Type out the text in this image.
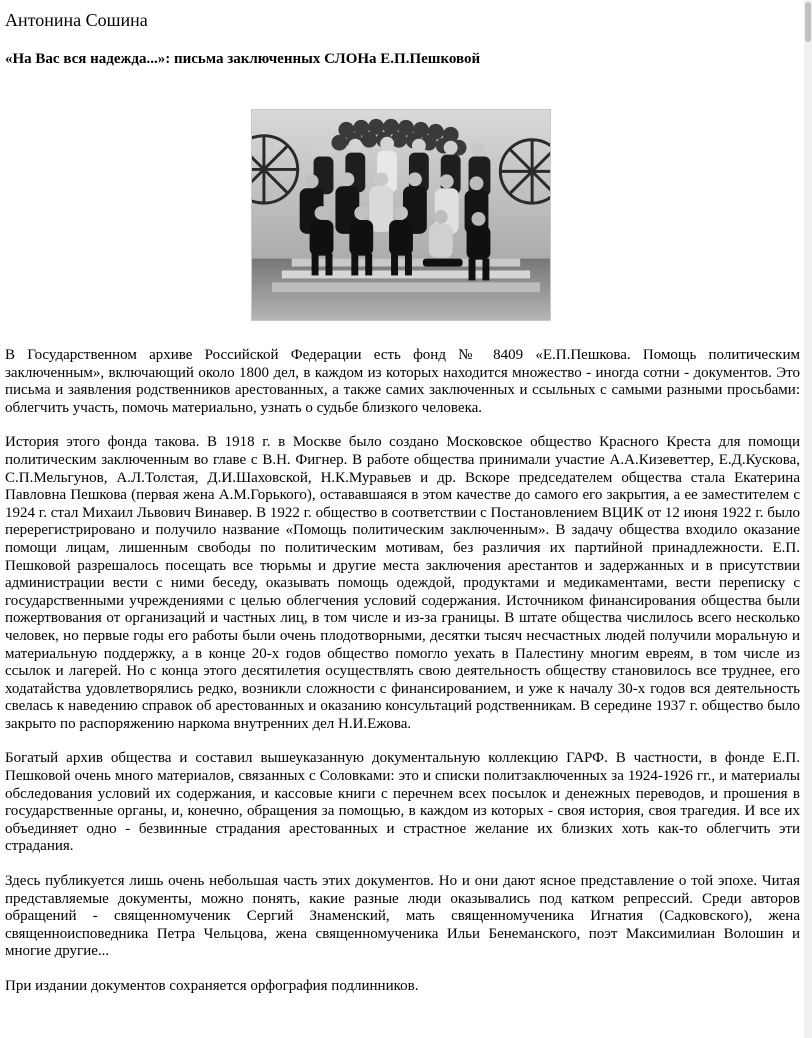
Антонина Сошина

«На Вас вся надежда...»: письма заключенных СЛОНа Е.П.Пешковой

В Государственном архиве Российской Федерации есть фонд № 8409 «Е.П.Пешкова. Помощь политическим заключенным», включающий около 1800 дел, в каждом из которых находится множество - иногда сотни - документов. Это письма и заявления родственников арестованных, а также самих заключенных и ссыльных с самыми разными просьбами: облегчить участь, помочь материально, узнать о судьбе близкого человека.

История этого фонда такова. В 1918 г. в Москве было создано Московское общество Красного Креста для помощи политическим заключенным во главе с В.Н. Фигнер. В работе общества принимали участие А.А.Кизеветтер, Е.Д.Кускова, С.П.Мельгунов, А.Л.Толстая, Д.И.Шаховской, Н.К.Муравьев и др. Вскоре председателем общества стала Екатерина Павловна Пешкова (первая жена А.М.Горького), остававшаяся в этом качестве до самого его закрытия, а ее заместителем с 1924 г. стал Михаил Львович Винавер. В 1922 г. общество в соответствии с Постановлением ВЦИК от 12 июня 1922 г. было перерегистрировано и получило название «Помощь политическим заключенным». В задачу общества входило оказание помощи лицам, лишенным свободы по политическим мотивам, без различия их партийной принадлежности. Е.П. Пешковой разрешалось посещать все тюрьмы и другие места заключения арестантов и задержанных и в присутствии администрации вести с ними беседу, оказывать помощь одеждой, продуктами и медикаментами, вести переписку с государственными учреждениями с целью облегчения условий содержания. Источником финансирования общества были пожертвования от организаций и частных лиц, в том числе и из-за границы. В штате общества числилось всего несколько человек, но первые годы его работы были очень плодотворными, десятки тысяч несчастных людей получили моральную и материальную поддержку, а в конце 20-х годов общество помогло уехать в Палестину многим евреям, в том числе из ссылок и лагерей. Но с конца этого десятилетия осуществлять свою деятельность обществу становилось все труднее, его ходатайства удовлетворялись редко, возникли сложности с финансированием, и уже к началу 30-х годов вся деятельность свелась к наведению справок об арестованных и оказанию консультаций родственникам. В середине 1937 г. общество было закрыто по распоряжению наркома внутренних дел Н.И.Ежова.

Богатый архив общества и составил вышеуказанную документальную коллекцию ГАРФ. В частности, в фонде Е.П. Пешковой очень много материалов, связанных с Соловками: это и списки политзаключенных за 1924-1926 гг., и материалы обследования условий их содержания, и кассовые книги с перечнем всех посылок и денежных переводов, и прошения в государственные органы, и, конечно, обращения за помощью, в каждом из которых - своя история, своя трагедия. И все их объединяет одно - безвинные страдания арестованных и страстное желание их близких хоть как-то облегчить эти страдания.

Здесь публикуется лишь очень небольшая часть этих документов. Но и они дают ясное представление о той эпохе. Читая представляемые документы, можно понять, какие разные люди оказывались под катком репрессий. Среди авторов обращений - священномученик Сергий Знаменский, мать священномученика Игнатия (Садковского), жена священноисповедника Петра Чельцова, жена священномученика Ильи Бенеманского, поэт Максимилиан Волошин и многие другие...

При издании документов сохраняется орфография подлинников.
